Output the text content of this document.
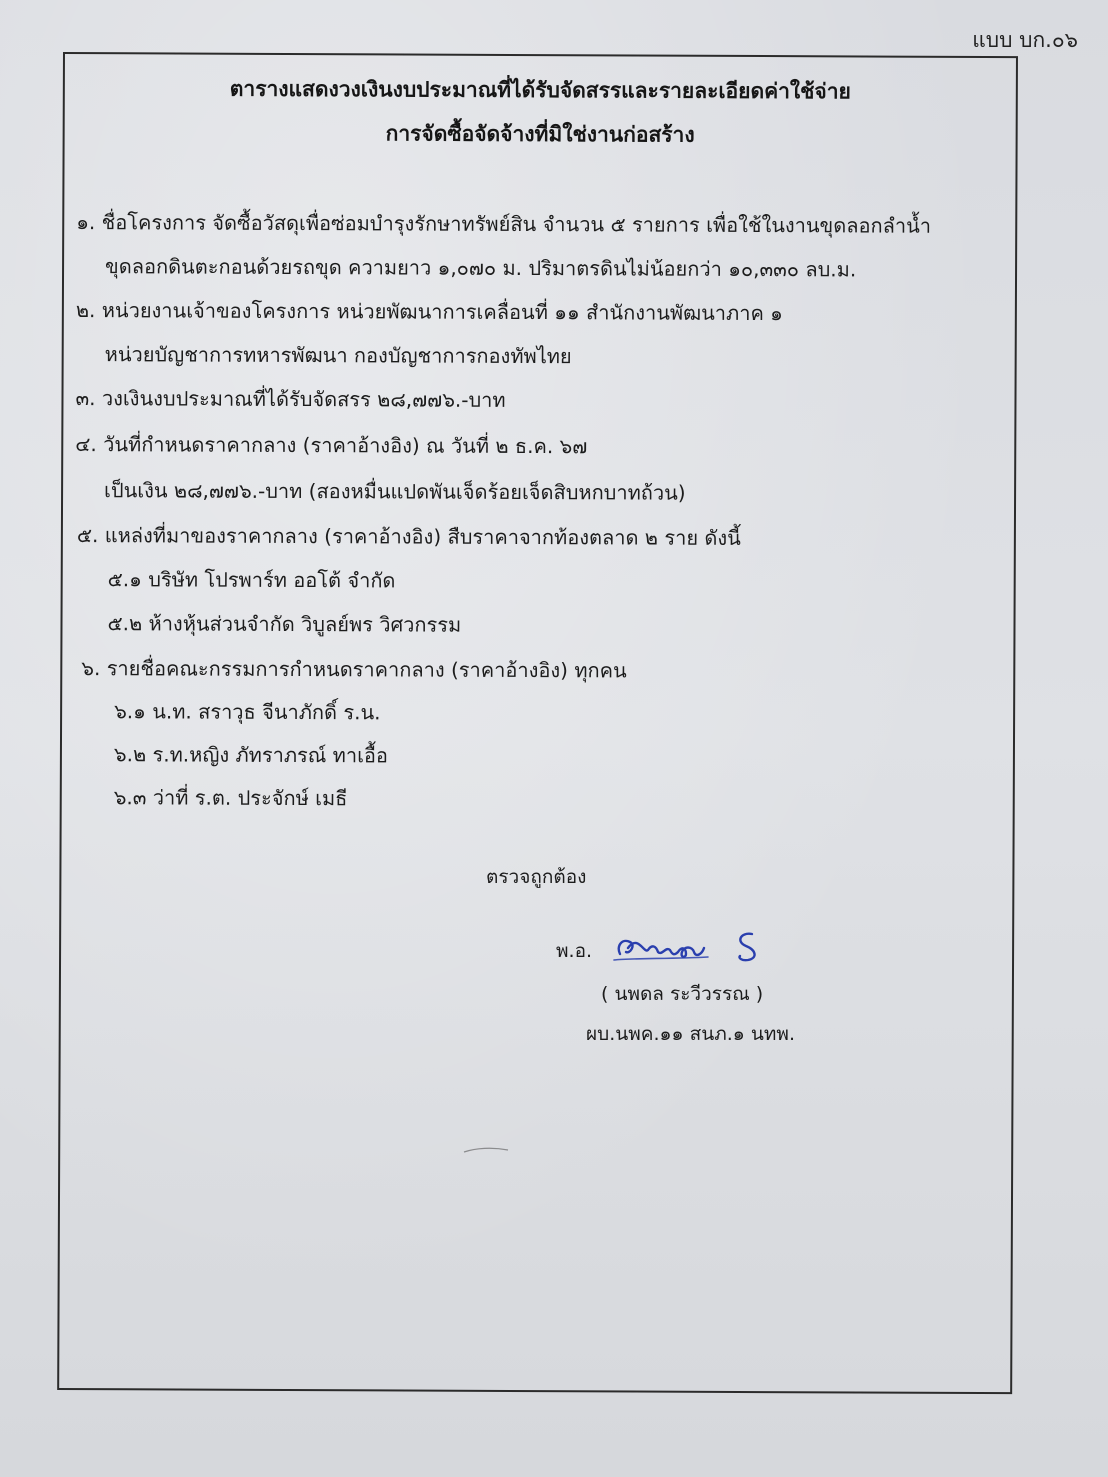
แบบ บก.๐๖
ตารางแสดงวงเงินงบประมาณที่ได้รับจัดสรรและรายละเอียดค่าใช้จ่าย
การจัดซื้อจัดจ้างที่มิใช่งานก่อสร้าง
๑. ชื่อโครงการ จัดซื้อวัสดุเพื่อซ่อมบำรุงรักษาทรัพย์สิน จำนวน ๕ รายการ เพื่อใช้ในงานขุดลอกลำน้ำ
ขุดลอกดินตะกอนด้วยรถขุด ความยาว ๑,๐๗๐ ม. ปริมาตรดินไม่น้อยกว่า ๑๐,๓๓๐ ลบ.ม.
๒. หน่วยงานเจ้าของโครงการ หน่วยพัฒนาการเคลื่อนที่ ๑๑ สำนักงานพัฒนาภาค ๑
หน่วยบัญชาการทหารพัฒนา กองบัญชาการกองทัพไทย
๓. วงเงินงบประมาณที่ได้รับจัดสรร ๒๘,๗๗๖.-บาท
๔. วันที่กำหนดราคากลาง (ราคาอ้างอิง) ณ วันที่ ๒ ธ.ค. ๖๗
เป็นเงิน ๒๘,๗๗๖.-บาท (สองหมื่นแปดพันเจ็ดร้อยเจ็ดสิบหกบาทถ้วน)
๕. แหล่งที่มาของราคากลาง (ราคาอ้างอิง) สืบราคาจากท้องตลาด ๒ ราย ดังนี้
๕.๑ บริษัท โปรพาร์ท ออโต้ จำกัด
๕.๒ ห้างหุ้นส่วนจำกัด วิบูลย์พร วิศวกรรม
๖. รายชื่อคณะกรรมการกำหนดราคากลาง (ราคาอ้างอิง) ทุกคน
๖.๑ น.ท. สราวุธ จีนาภักดิ์ ร.น.
๖.๒ ร.ท.หญิง ภัทราภรณ์ ทาเอื้อ
๖.๓ ว่าที่ ร.ต. ประจักษ์ เมธี
ตรวจถูกต้อง
พ.อ.
( นพดล ระวีวรรณ )
ผบ.นพค.๑๑ สนภ.๑ นทพ.
